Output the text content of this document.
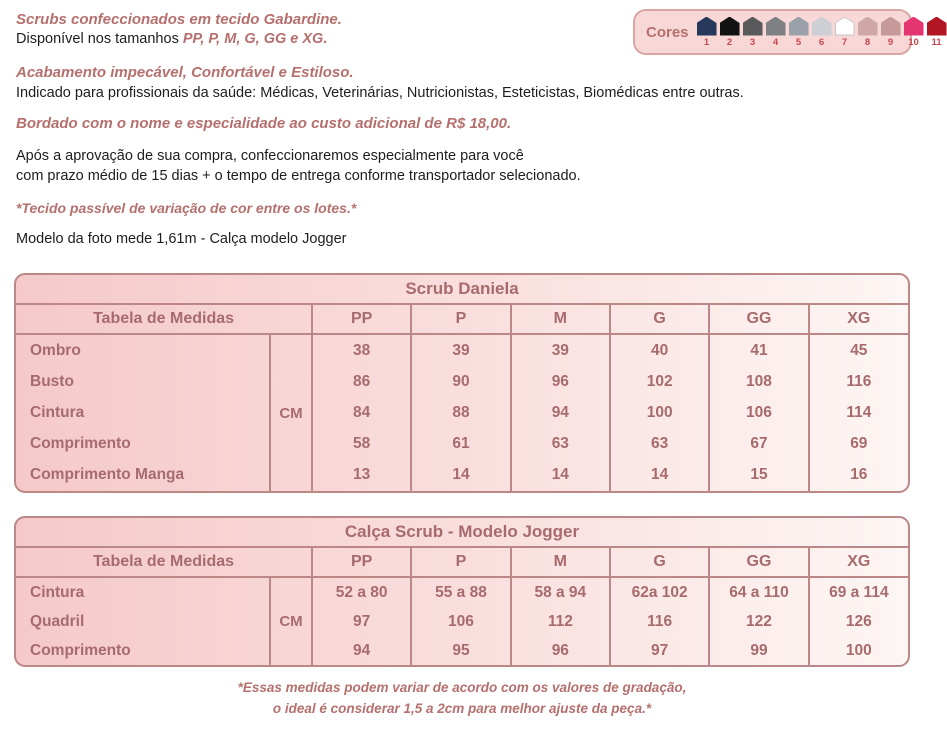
Scrubs confeccionados em tecido Gabardine.
Disponível nos tamanhos PP, P, M, G, GG e XG.
Acabamento impecável, Confortável e Estiloso.
Indicado para profissionais da saúde: Médicas, Veterinárias, Nutricionistas, Esteticistas, Biomédicas entre outras.
Bordado com o nome e especialidade ao custo adicional de R$ 18,00.
Após a aprovação de sua compra, confeccionaremos especialmente para você
com prazo médio de 15 dias + o tempo de entrega conforme transportador selecionado.
*Tecido passível de variação de cor entre os lotes.*
Modelo da foto mede 1,61m - Calça modelo Jogger
Cores
1 2 3 4 5 6 7 8 9 10 11
Scrub Daniela							
Tabela de Medidas		PP	P	M	G	GG	XG
Ombro	CM	38	39	39	40	41	45
Busto		86	90	96	102	108	116
Cintura		84	88	94	100	106	114
Comprimento		58	61	63	63	67	69
Comprimento Manga		13	14	14	14	15	16
Calça Scrub - Modelo Jogger							
Tabela de Medidas		PP	P	M	G	GG	XG
Cintura	CM	52 a 80	55 a 88	58 a 94	62a 102	64 a 110	69 a 114
Quadril		97	106	112	116	122	126
Comprimento		94	95	96	97	99	100
*Essas medidas podem variar de acordo com os valores de gradação,
o ideal é considerar 1,5 a 2cm para melhor ajuste da peça.*
